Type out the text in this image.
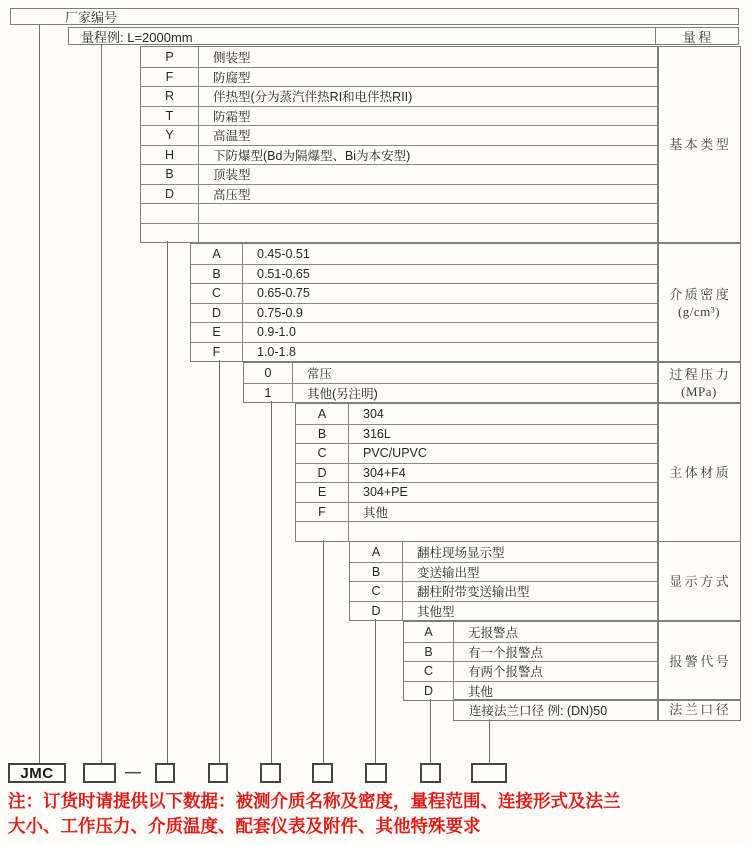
厂家编号
量程例: L=2000mm	量程
P	侧装型
F	防腐型
R	伴热型(分为蒸汽伴热RI和电伴热RII)
T	防霜型
Y	高温型
H	下防爆型(Bd为隔爆型、Bi为本安型)
B	顶装型
D	高压型
基本类型
A	0.45-0.51
B	0.51-0.65
C	0.65-0.75
D	0.75-0.9
E	0.9-1.0
F	1.0-1.8
介质密度
(g/cm³)
0	常压
1	其他(另注明)
过程压力
(MPa)
A	304
B	316L
C	PVC/UPVC
D	304+F4
E	304+PE
F	其他
主体材质
A	翻柱现场显示型
B	变送输出型
C	翻柱附带变送输出型
D	其他型
显示方式
A	无报警点
B	有一个报警点
C	有两个报警点
D	其他
报警代号
连接法兰口径 例: (DN)50	法兰口径
JMC	—
注：订货时请提供以下数据：被测介质名称及密度，量程范围、连接形式及法兰
大小、工作压力、介质温度、配套仪表及附件、其他特殊要求
